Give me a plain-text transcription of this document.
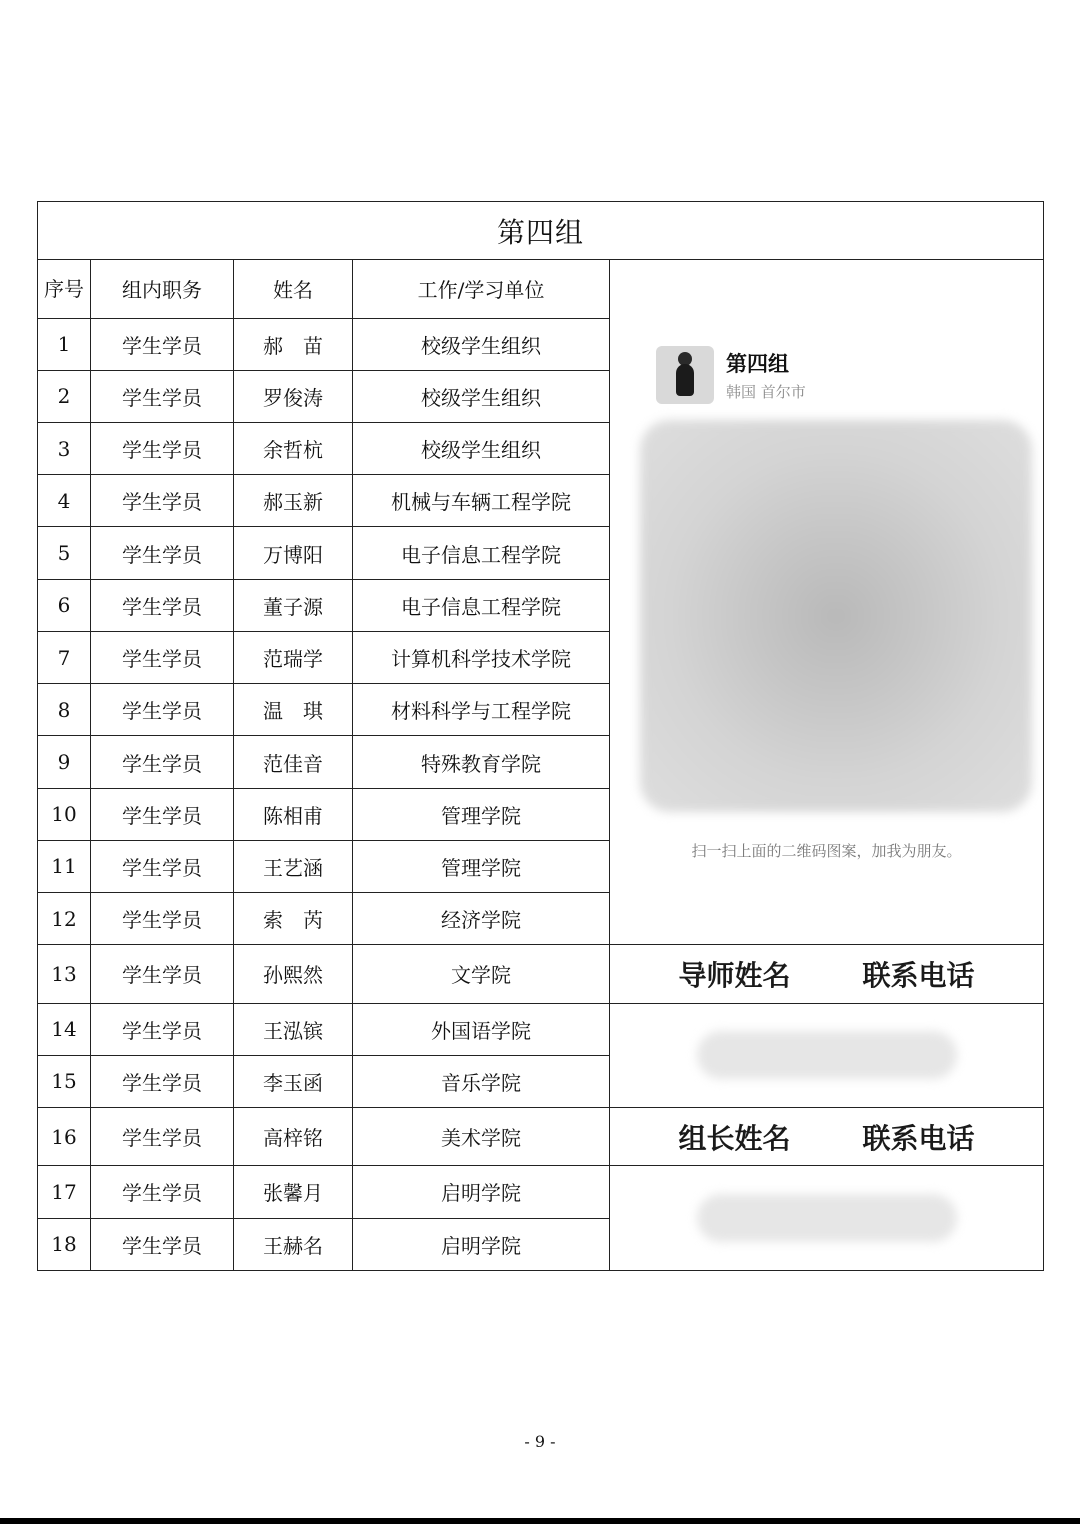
第四组				
序号	组内职务	姓名	工作/学习单位	第四组
韩国 首尔市
扫一扫上面的二维码图案，加我为朋友。

1	学生学员	郝　苗	校级学生组织	
2	学生学员	罗俊涛	校级学生组织	
3	学生学员	余哲杭	校级学生组织	
4	学生学员	郝玉新	机械与车辆工程学院	
5	学生学员	万博阳	电子信息工程学院	
6	学生学员	董子源	电子信息工程学院	
7	学生学员	范瑞学	计算机科学技术学院	
8	学生学员	温　琪	材料科学与工程学院	
9	学生学员	范佳音	特殊教育学院	
10	学生学员	陈相甫	管理学院	
11	学生学员	王艺涵	管理学院	
12	学生学员	索　芮	经济学院	
13	学生学员	孙熙然	文学院	导师姓名 联系电话
14	学生学员	王泓镔	外国语学院	

15	学生学员	李玉函	音乐学院	
16	学生学员	高梓铭	美术学院	组长姓名 联系电话
17	学生学员	张馨月	启明学院	

18	学生学员	王赫名	启明学院	
- 9 -
